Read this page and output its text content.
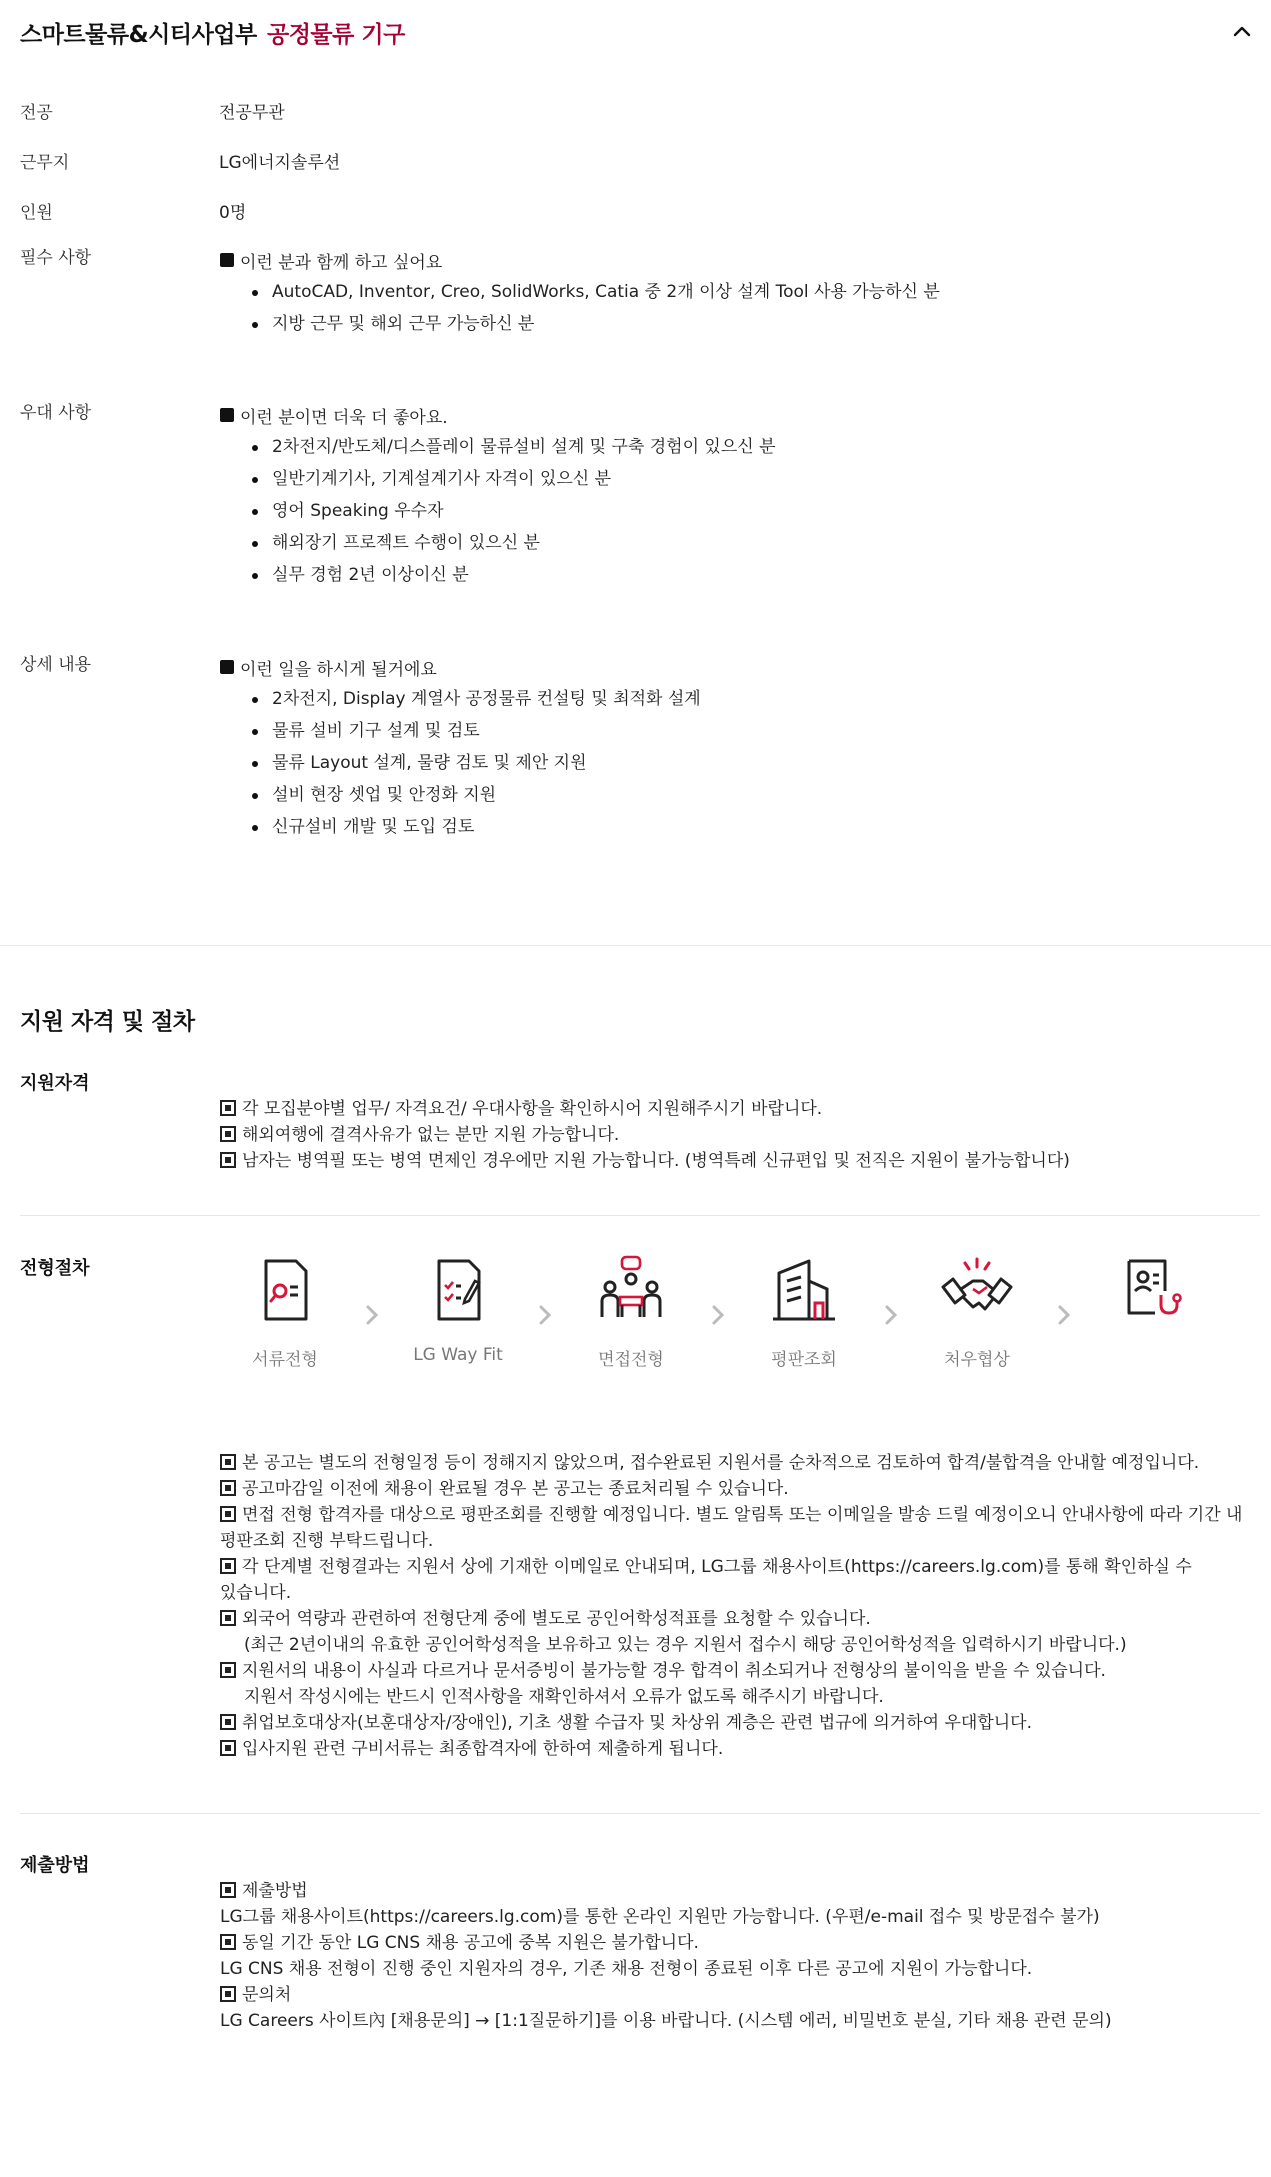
스마트물류&시티사업부 공정물류 기구
전공	전공무관
근무지	LG에너지솔루션
인원	0명
필수 사항	이런 분과 함께 하고 싶어요
AutoCAD, Inventor, Creo, SolidWorks, Catia 중 2개 이상 설계 Tool 사용 가능하신 분
지방 근무 및 해외 근무 가능하신 분
우대 사항	이런 분이면 더욱 더 좋아요.
2차전지/반도체/디스플레이 물류설비 설계 및 구축 경험이 있으신 분
일반기계기사, 기계설계기사 자격이 있으신 분
영어 Speaking 우수자
해외장기 프로젝트 수행이 있으신 분
실무 경험 2년 이상이신 분
상세 내용	이런 일을 하시게 될거에요
2차전지, Display 계열사 공정물류 컨설팅 및 최적화 설계
물류 설비 기구 설계 및 검토
물류 Layout 설계, 물량 검토 및 제안 지원
설비 현장 셋업 및 안정화 지원
신규설비 개발 및 도입 검토
지원 자격 및 절차
지원자격
각 모집분야별 업무/ 자격요건/ 우대사항을 확인하시어 지원해주시기 바랍니다.
해외여행에 결격사유가 없는 분만 지원 가능합니다.
남자는 병역필 또는 병역 면제인 경우에만 지원 가능합니다. (병역특례 신규편입 및 전직은 지원이 불가능합니다)
전형절차
서류전형	LG Way Fit	면접전형	평판조회	처우협상
본 공고는 별도의 전형일정 등이 정해지지 않았으며, 접수완료된 지원서를 순차적으로 검토하여 합격/불합격을 안내할 예정입니다.
공고마감일 이전에 채용이 완료될 경우 본 공고는 종료처리될 수 있습니다.
면접 전형 합격자를 대상으로 평판조회를 진행할 예정입니다. 별도 알림톡 또는 이메일을 발송 드릴 예정이오니 안내사항에 따라 기간 내
평판조회 진행 부탁드립니다.
각 단계별 전형결과는 지원서 상에 기재한 이메일로 안내되며, LG그룹 채용사이트(https://careers.lg.com)를 통해 확인하실 수
있습니다.
외국어 역량과 관련하여 전형단계 중에 별도로 공인어학성적표를 요청할 수 있습니다.
(최근 2년이내의 유효한 공인어학성적을 보유하고 있는 경우 지원서 접수시 해당 공인어학성적을 입력하시기 바랍니다.)
지원서의 내용이 사실과 다르거나 문서증빙이 불가능할 경우 합격이 취소되거나 전형상의 불이익을 받을 수 있습니다.
지원서 작성시에는 반드시 인적사항을 재확인하셔서 오류가 없도록 해주시기 바랍니다.
취업보호대상자(보훈대상자/장애인), 기초 생활 수급자 및 차상위 계층은 관련 법규에 의거하여 우대합니다.
입사지원 관련 구비서류는 최종합격자에 한하여 제출하게 됩니다.
제출방법
제출방법
LG그룹 채용사이트(https://careers.lg.com)를 통한 온라인 지원만 가능합니다. (우편/e-mail 접수 및 방문접수 불가)
동일 기간 동안 LG CNS 채용 공고에 중복 지원은 불가합니다.
LG CNS 채용 전형이 진행 중인 지원자의 경우, 기존 채용 전형이 종료된 이후 다른 공고에 지원이 가능합니다.
문의처
LG Careers 사이트內 [채용문의] → [1:1질문하기]를 이용 바랍니다. (시스템 에러, 비밀번호 분실, 기타 채용 관련 문의)
